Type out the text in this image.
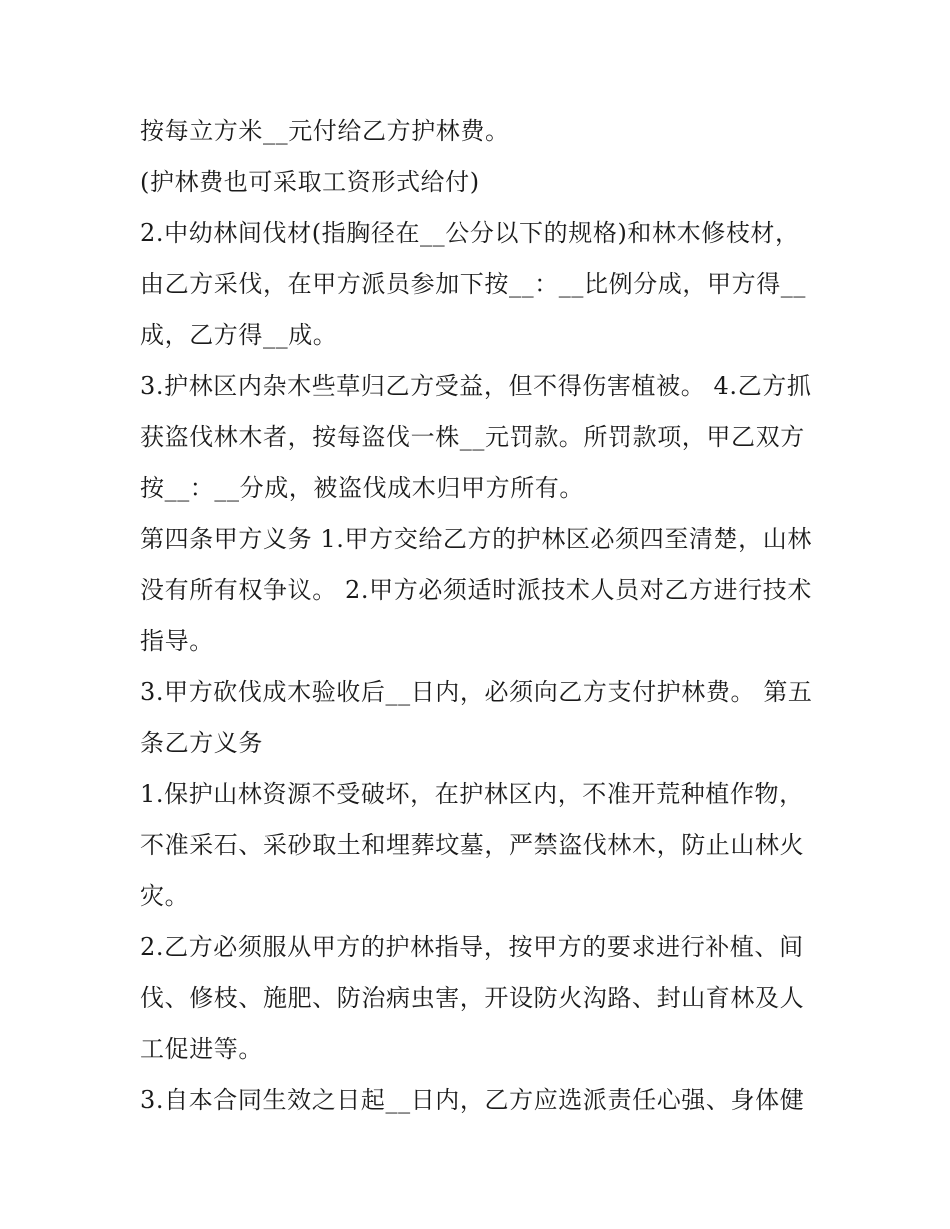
按每立方米__元付给乙方护林费。
(护林费也可采取工资形式给付)
2.中幼林间伐材(指胸径在__公分以下的规格)和林木修枝材，
由乙方采伐，在甲方派员参加下按__：__比例分成，甲方得__
成，乙方得__成。
3.护林区内杂木些草归乙方受益，但不得伤害植被。 4.乙方抓
获盗伐林木者，按每盗伐一株__元罚款。所罚款项，甲乙双方
按__：__分成，被盗伐成木归甲方所有。
第四条甲方义务 1.甲方交给乙方的护林区必须四至清楚，山林
没有所有权争议。 2.甲方必须适时派技术人员对乙方进行技术
指导。
3.甲方砍伐成木验收后__日内，必须向乙方支付护林费。 第五
条乙方义务
1.保护山林资源不受破坏，在护林区内，不准开荒种植作物，
不准采石、采砂取土和埋葬坟墓，严禁盗伐林木，防止山林火
灾。
2.乙方必须服从甲方的护林指导，按甲方的要求进行补植、间
伐、修枝、施肥、防治病虫害，开设防火沟路、封山育林及人
工促进等。
3.自本合同生效之日起__日内，乙方应选派责任心强、身体健
